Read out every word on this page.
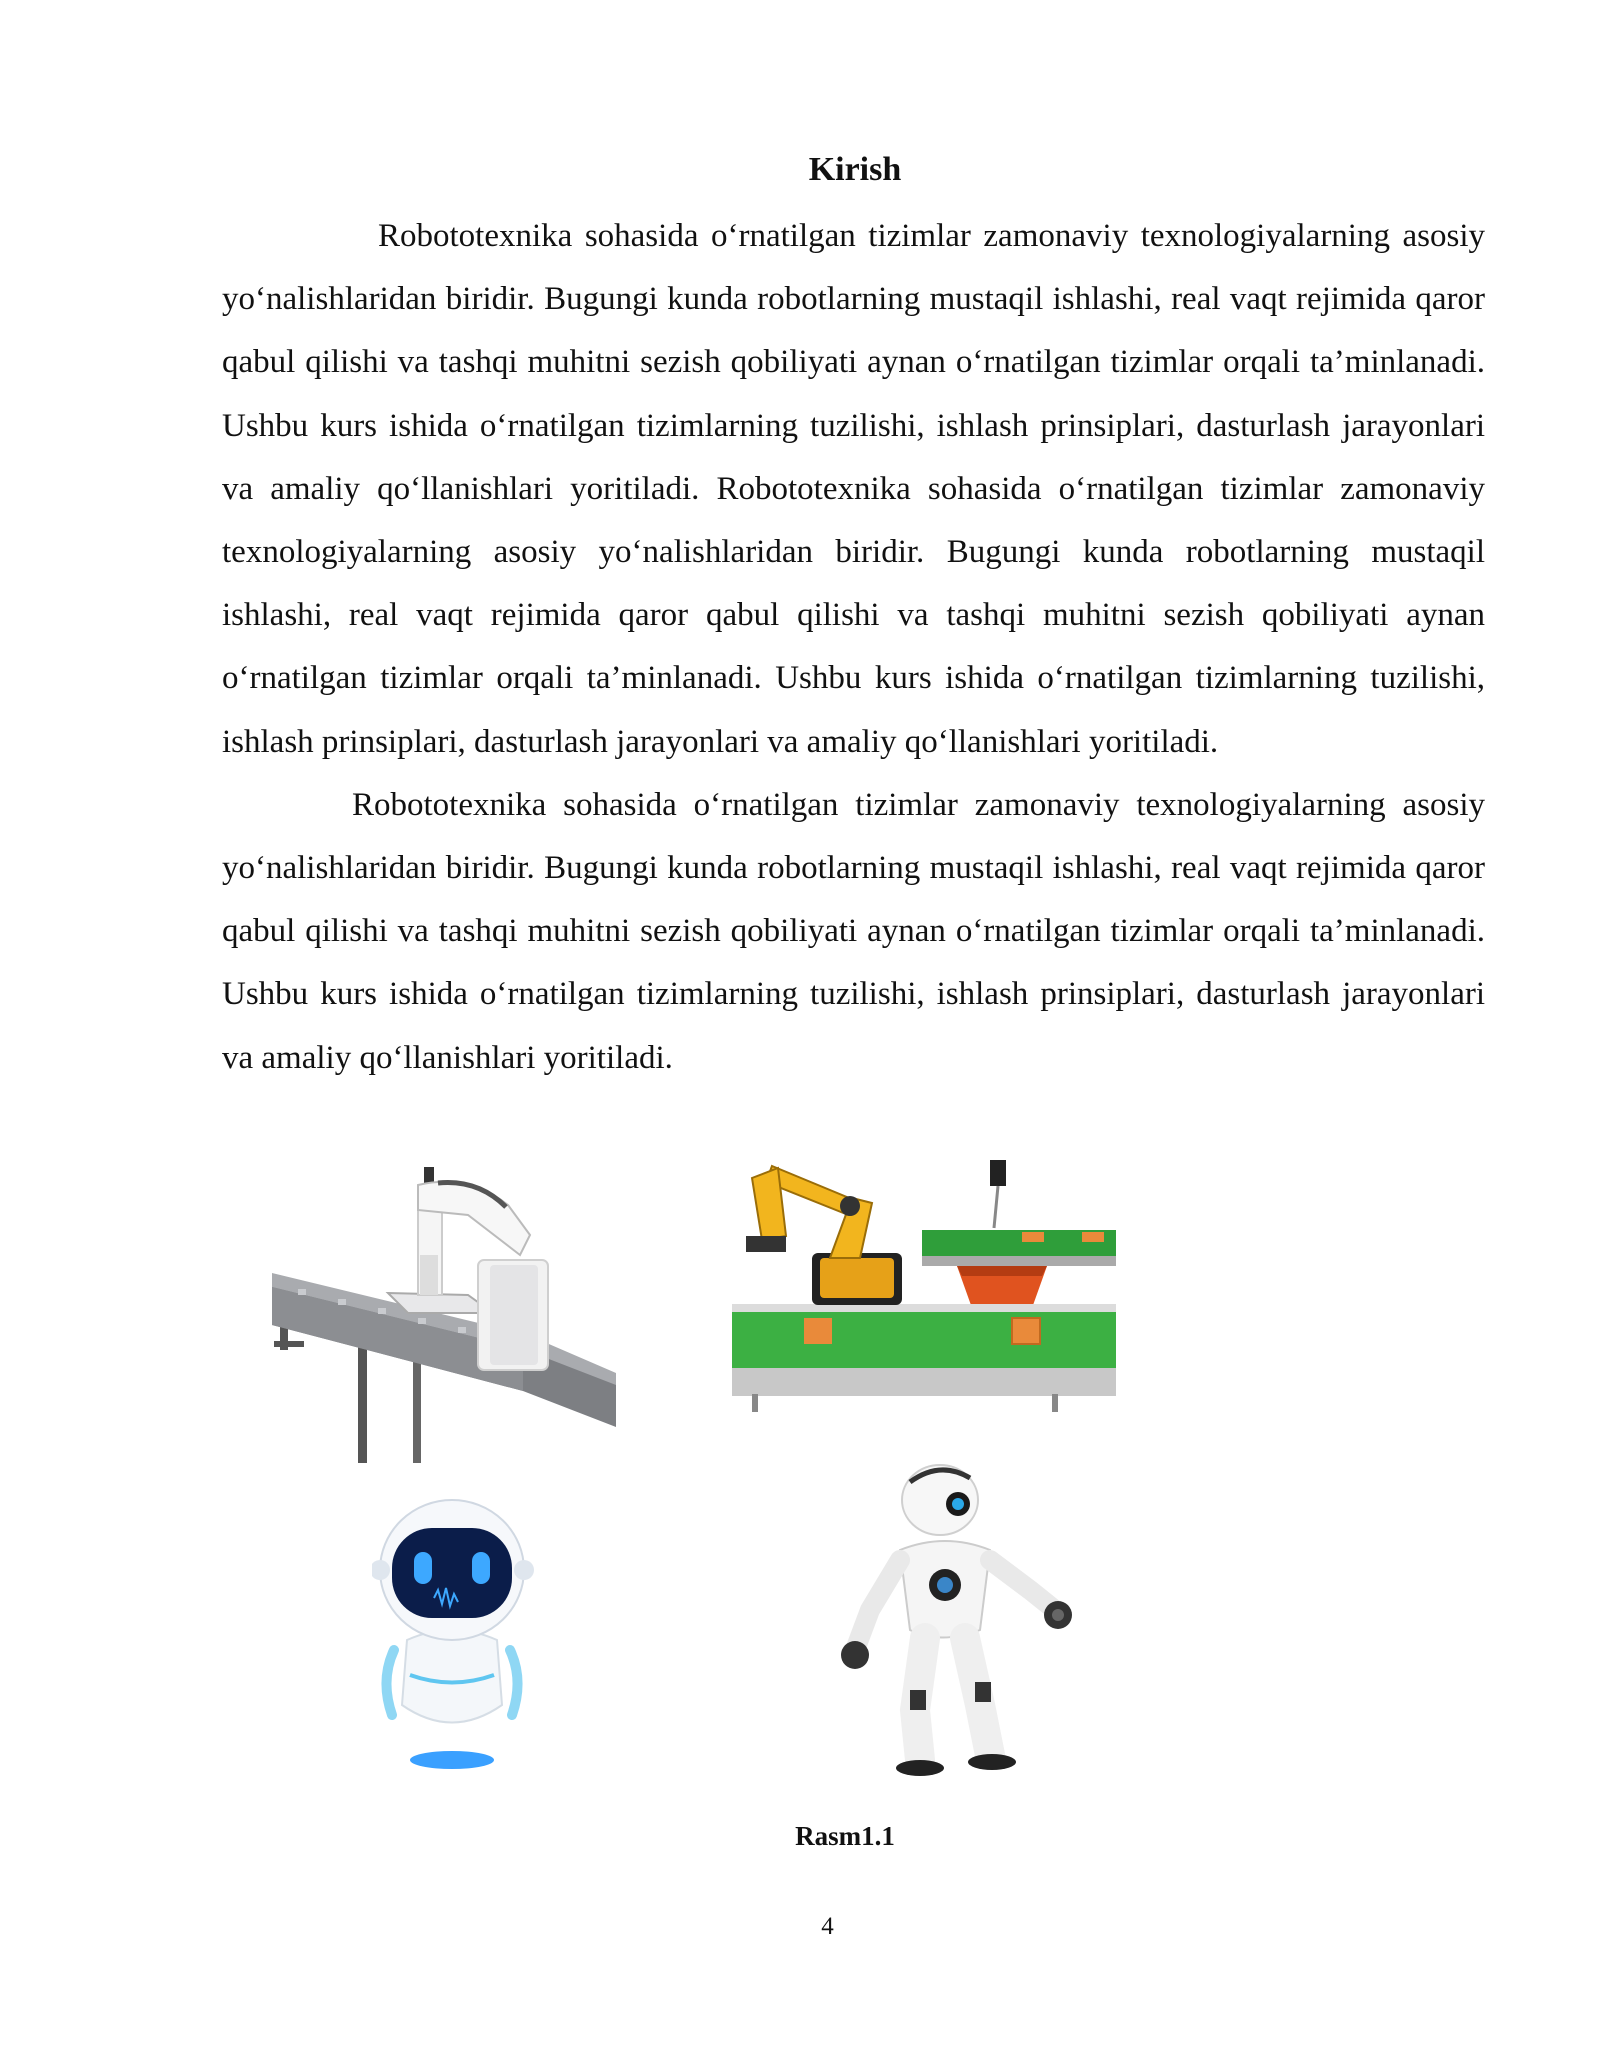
Kirish

Robototexnika sohasida o‘rnatilgan tizimlar zamonaviy texnologiyalarning asosiy yo‘nalishlaridan biridir. Bugungi kunda robotlarning mustaqil ishlashi, real vaqt rejimida qaror qabul qilishi va tashqi muhitni sezish qobiliyati aynan o‘rnatilgan tizimlar orqali ta’minlanadi. Ushbu kurs ishida o‘rnatilgan tizimlarning tuzilishi, ishlash prinsiplari, dasturlash jarayonlari va amaliy qo‘llanishlari yoritiladi. Robototexnika sohasida o‘rnatilgan tizimlar zamonaviy texnologiyalarning asosiy yo‘nalishlaridan biridir. Bugungi kunda robotlarning mustaqil ishlashi, real vaqt rejimida qaror qabul qilishi va tashqi muhitni sezish qobiliyati aynan o‘rnatilgan tizimlar orqali ta’minlanadi. Ushbu kurs ishida o‘rnatilgan tizimlarning tuzilishi, ishlash prinsiplari, dasturlash jarayonlari va amaliy qo‘llanishlari yoritiladi.

Robototexnika sohasida o‘rnatilgan tizimlar zamonaviy texnologiyalarning asosiy yo‘nalishlaridan biridir. Bugungi kunda robotlarning mustaqil ishlashi, real vaqt rejimida qaror qabul qilishi va tashqi muhitni sezish qobiliyati aynan o‘rnatilgan tizimlar orqali ta’minlanadi. Ushbu kurs ishida o‘rnatilgan tizimlarning tuzilishi, ishlash prinsiplari, dasturlash jarayonlari va amaliy qo‘llanishlari yoritiladi.

Rasm1.1
4
